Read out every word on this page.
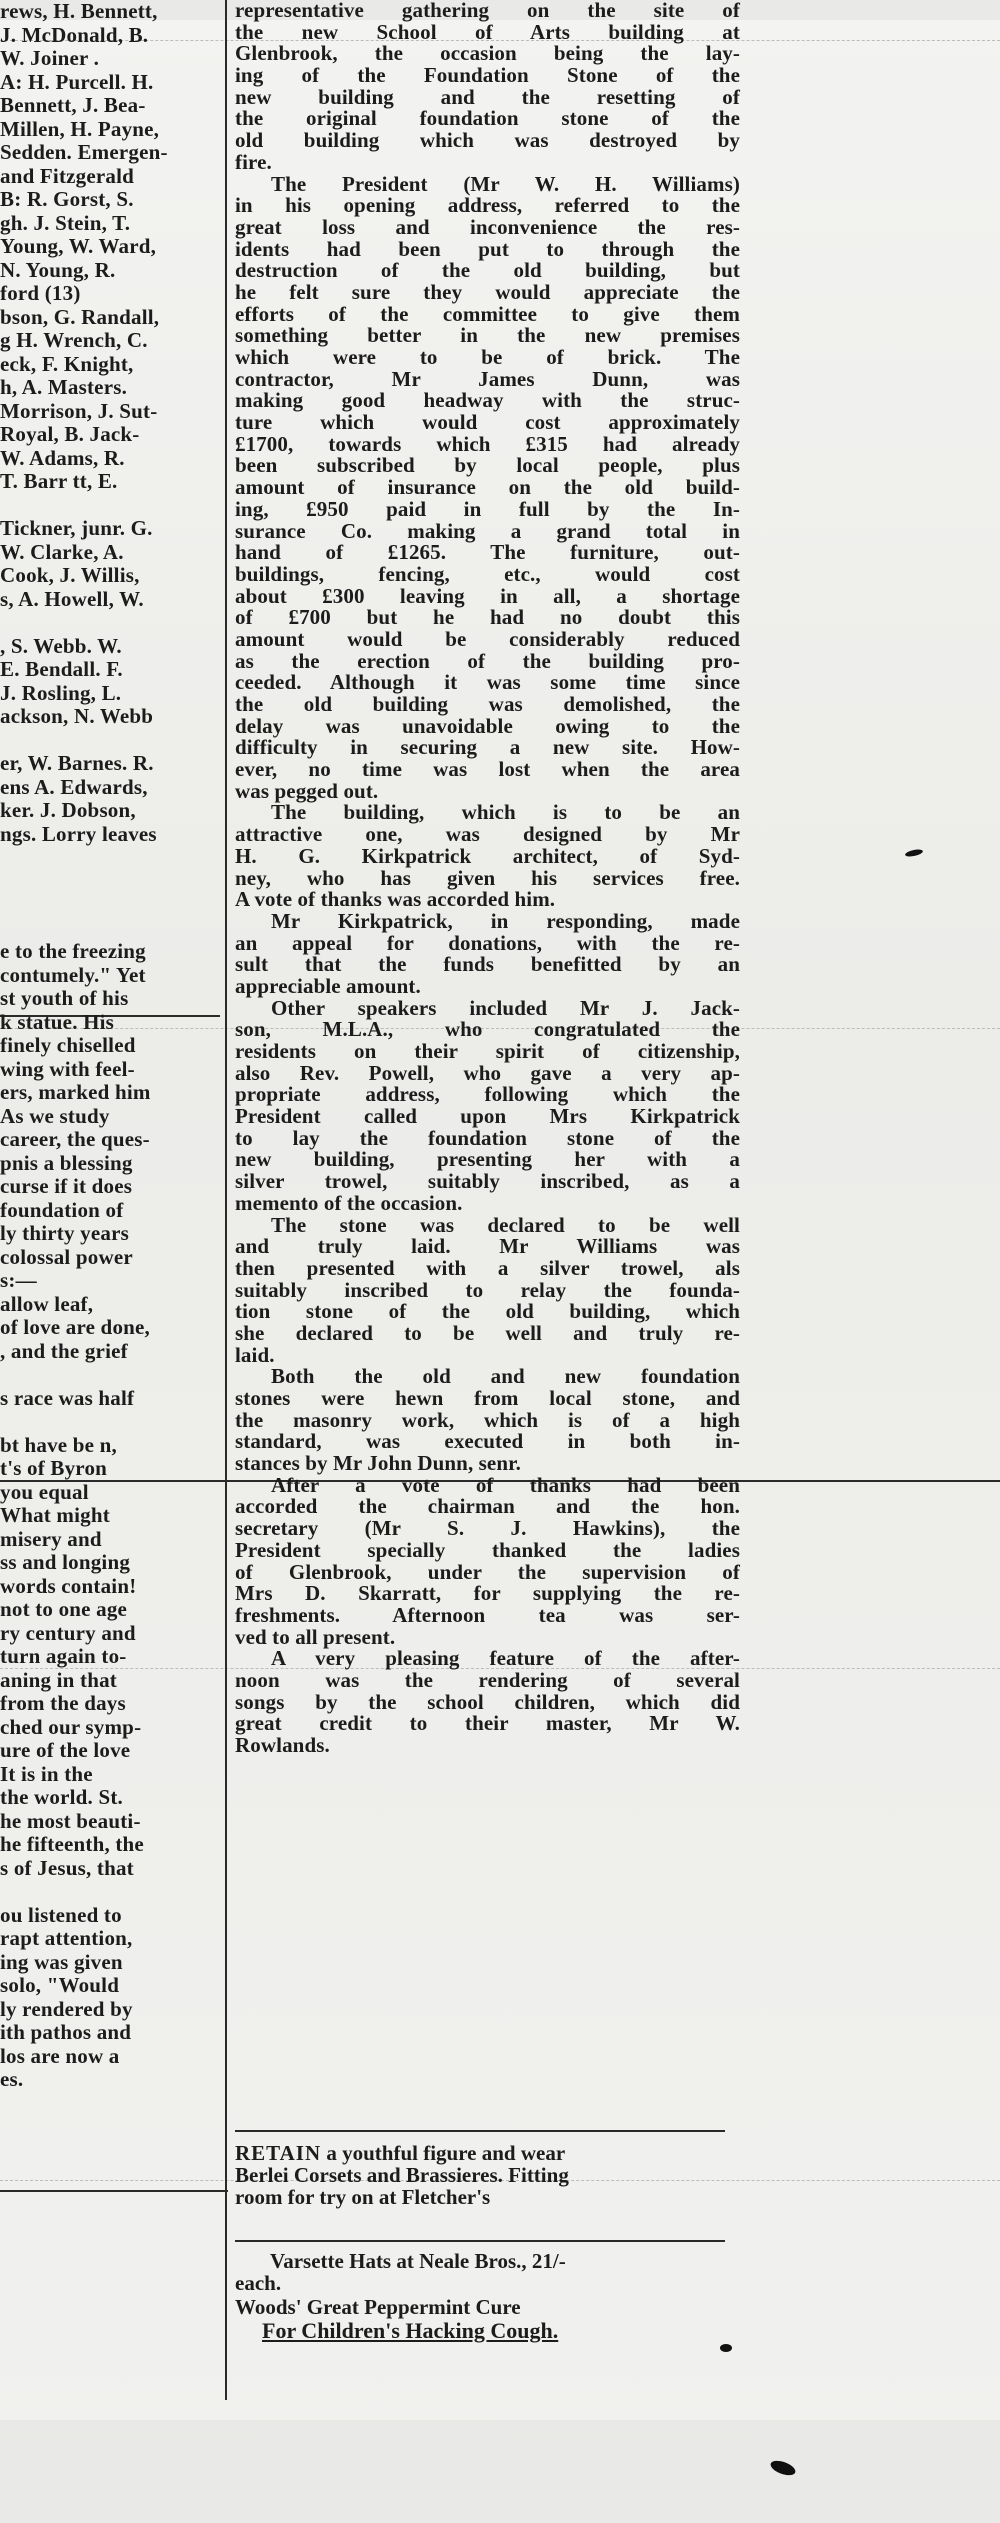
rews, H. Bennett,
J. McDonald, B.
W. Joiner .
A: H. Purcell. H.
Bennett, J. Bea-
Millen, H. Payne,
Sedden. Emergen-
and Fitzgerald
B: R. Gorst, S.
gh. J. Stein, T.
Young, W. Ward,
N. Young, R.
ford (13)
bson, G. Randall,
g H. Wrench, C.
eck, F. Knight,
h, A. Masters.
Morrison, J. Sut-
Royal, B. Jack-
W. Adams, R.
T. Barr tt, E.
Tickner, junr. G.
W. Clarke, A.
Cook, J. Willis,
s, A. Howell, W.
, S. Webb. W.
E. Bendall. F.
J. Rosling, L.
ackson, N. Webb
er, W. Barnes. R.
ens A. Edwards,
ker. J. Dobson,
ngs. Lorry leaves
e to the freezing
contumely." Yet
st youth of his
k statue. His
finely chiselled
wing with feel-
ers, marked him
As we study
career, the ques-
pnis a blessing
curse if it does
foundation of
ly thirty years
colossal power
s:—
allow leaf,
of love are done,
, and the grief
s race was half
bt have be n,
t's of Byron
you equal
What might
misery and
ss and longing
words contain!
not to one age
ry century and
turn again to-
aning in that
from the days
ched our symp-
ure of the love
It is in the
the world. St.
he most beauti-
he fifteenth, the
s of Jesus, that
ou listened to
rapt attention,
ing was given
solo, "Would
ly rendered by
ith pathos and
los are now a
es.
representative gathering on the site of
the new School of Arts building at
Glenbrook, the occasion being the lay-
ing of the Foundation Stone of the
new building and the resetting of
the original foundation stone of the
old building which was destroyed by
fire.
The President (Mr W. H. Williams)
in his opening address, referred to the
great loss and inconvenience the res-
idents had been put to through the
destruction of the old building, but
he felt sure they would appreciate the
efforts of the committee to give them
something better in the new premises
which were to be of brick. The
contractor, Mr James Dunn, was
making good headway with the struc-
ture which would cost approximately
£1700, towards which £315 had already
been subscribed by local people, plus
amount of insurance on the old build-
ing, £950 paid in full by the In-
surance Co. making a grand total in
hand of £1265. The furniture, out-
buildings, fencing, etc., would cost
about £300 leaving in all, a shortage
of £700 but he had no doubt this
amount would be considerably reduced
as the erection of the building pro-
ceeded. Although it was some time since
the old building was demolished, the
delay was unavoidable owing to the
difficulty in securing a new site. How-
ever, no time was lost when the area
was pegged out.
The building, which is to be an
attractive one, was designed by Mr
H. G. Kirkpatrick architect, of Syd-
ney, who has given his services free.
A vote of thanks was accorded him.
Mr Kirkpatrick, in responding, made
an appeal for donations, with the re-
sult that the funds benefitted by an
appreciable amount.
Other speakers included Mr J. Jack-
son, M.L.A., who congratulated the
residents on their spirit of citizenship,
also Rev. Powell, who gave a very ap-
propriate address, following which the
President called upon Mrs Kirkpatrick
to lay the foundation stone of the
new building, presenting her with a
silver trowel, suitably inscribed, as a
memento of the occasion.
The stone was declared to be well
and truly laid. Mr Williams was
then presented with a silver trowel, als
suitably inscribed to relay the founda-
tion stone of the old building, which
she declared to be well and truly re-
laid.
Both the old and new foundation
stones were hewn from local stone, and
the masonry work, which is of a high
standard, was executed in both in-
stances by Mr John Dunn, senr.
After a vote of thanks had been
accorded the chairman and the hon.
secretary (Mr S. J. Hawkins), the
President specially thanked the ladies
of Glenbrook, under the supervision of
Mrs D. Skarratt, for supplying the re-
freshments. Afternoon tea was ser-
ved to all present.
A very pleasing feature of the after-
noon was the rendering of several
songs by the school children, which did
great credit to their master, Mr W.
Rowlands.
RETAIN a youthful figure and wear
Berlei Corsets and Brassieres. Fitting
room for try on at Fletcher's
Varsette Hats at Neale Bros., 21/-
each.
Woods' Great Peppermint Cure
For Children's Hacking Cough.
